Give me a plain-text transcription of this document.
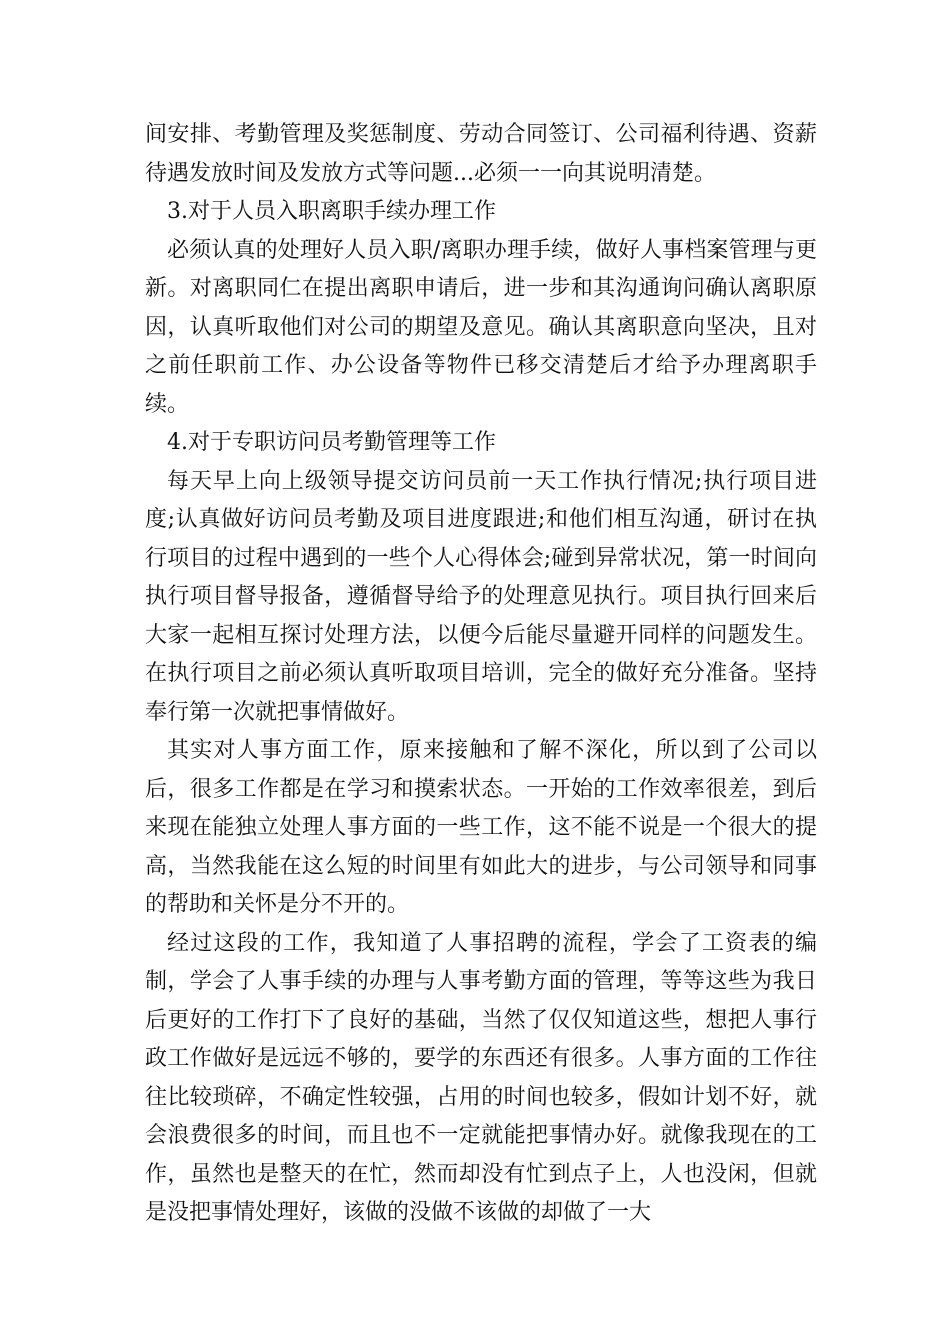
间安排、考勤管理及奖惩制度、劳动合同签订、公司福利待遇、资薪待遇发放时间及发放方式等问题...必须一一向其说明清楚。

3.对于人员入职离职手续办理工作

必须认真的处理好人员入职/离职办理手续，做好人事档案管理与更新。对离职同仁在提出离职申请后，进一步和其沟通询问确认离职原因，认真听取他们对公司的期望及意见。确认其离职意向坚决，且对之前任职前工作、办公设备等物件已移交清楚后才给予办理离职手续。

4.对于专职访问员考勤管理等工作

每天早上向上级领导提交访问员前一天工作执行情况;执行项目进度;认真做好访问员考勤及项目进度跟进;和他们相互沟通，研讨在执行项目的过程中遇到的一些个人心得体会;碰到异常状况，第一时间向执行项目督导报备，遵循督导给予的处理意见执行。项目执行回来后大家一起相互探讨处理方法，以便今后能尽量避开同样的问题发生。在执行项目之前必须认真听取项目培训，完全的做好充分准备。坚持奉行第一次就把事情做好。

其实对人事方面工作，原来接触和了解不深化，所以到了公司以后，很多工作都是在学习和摸索状态。一开始的工作效率很差，到后来现在能独立处理人事方面的一些工作，这不能不说是一个很大的提高，当然我能在这么短的时间里有如此大的进步，与公司领导和同事的帮助和关怀是分不开的。

经过这段的工作，我知道了人事招聘的流程，学会了工资表的编制，学会了人事手续的办理与人事考勤方面的管理，等等这些为我日后更好的工作打下了良好的基础，当然了仅仅知道这些，想把人事行政工作做好是远远不够的，要学的东西还有很多。人事方面的工作往往比较琐碎，不确定性较强，占用的时间也较多，假如计划不好，就会浪费很多的时间，而且也不一定就能把事情办好。就像我现在的工作，虽然也是整天的在忙，然而却没有忙到点子上，人也没闲，但就是没把事情处理好，该做的没做不该做的却做了一大
